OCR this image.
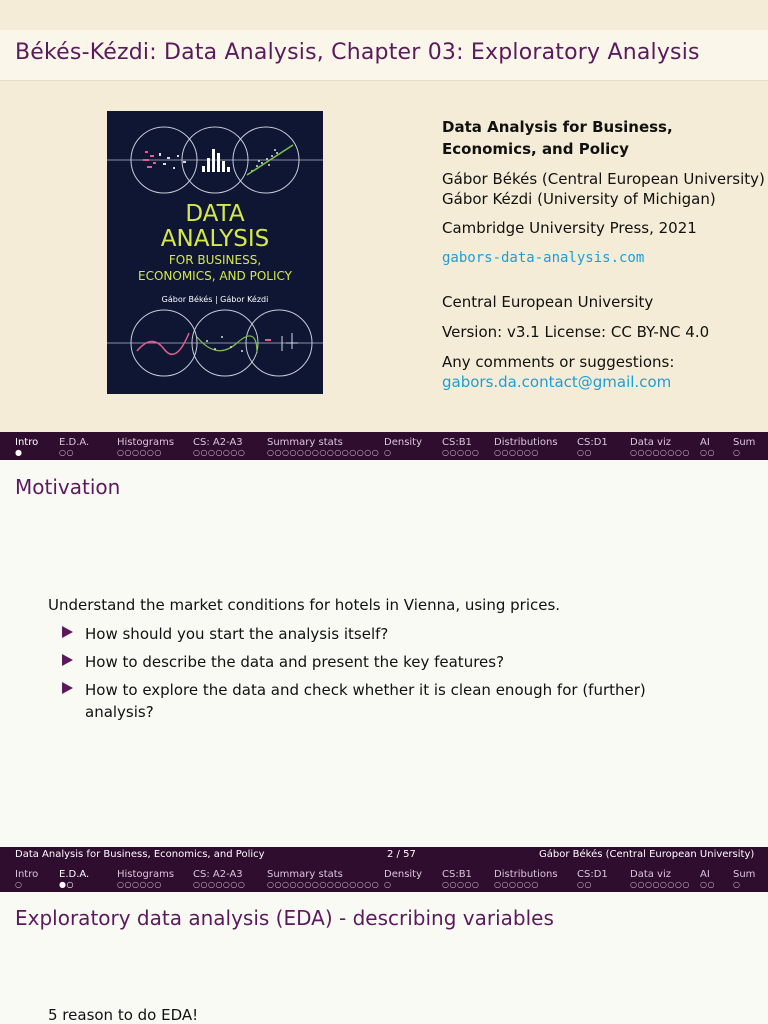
Békés-Kézdi: Data Analysis, Chapter 03: Exploratory Analysis
DATA
ANALYSIS
FOR BUSINESS,
ECONOMICS, AND POLICY
Gábor Békés | Gábor Kézdi
Data Analysis for Business, Economics, and Policy
Gábor Békés (Central European University)
Gábor Kézdi (University of Michigan)
Cambridge University Press, 2021
gabors-data-analysis.com
Central European University
Version: v3.1 License: CC BY-NC 4.0
Any comments or suggestions:
gabors.da.contact@gmail.com
Intro
●
E.D.A.
○○
Histograms
○○○○○○
CS: A2-A3
○○○○○○○
Summary stats
○○○○○○○○○○○○○○○
Density
○
CS:B1
○○○○○
Distributions
○○○○○○
CS:D1
○○
Data viz
○○○○○○○○
AI
○○
Sum
○
Motivation
Understand the market conditions for hotels in Vienna, using prices.
How should you start the analysis itself?
How to describe the data and present the key features?
How to explore the data and check whether it is clean enough for (further)
analysis?
Data Analysis for Business, Economics, and Policy	2 / 57	Gábor Békés (Central European University)
Intro
○
E.D.A.
●○
Histograms
○○○○○○
CS: A2-A3
○○○○○○○
Summary stats
○○○○○○○○○○○○○○○
Density
○
CS:B1
○○○○○
Distributions
○○○○○○
CS:D1
○○
Data viz
○○○○○○○○
AI
○○
Sum
○
Exploratory data analysis (EDA) - describing variables
5 reason to do EDA!
